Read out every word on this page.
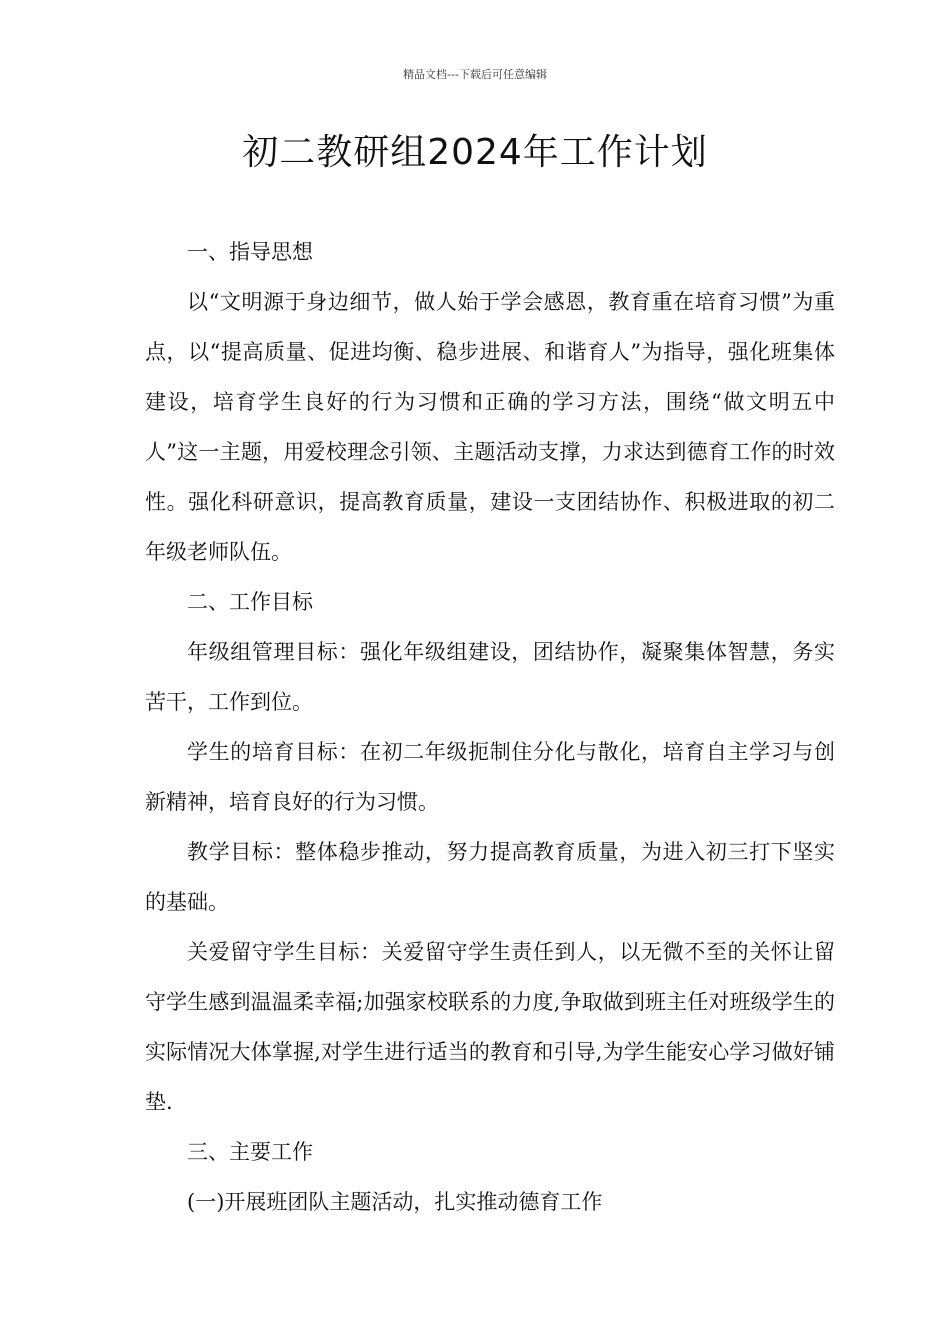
精品文档---下载后可任意编辑
初二教研组2024年工作计划

一、指导思想

以“文明源于身边细节，做人始于学会感恩，教育重在培育习惯”为重点，以“提高质量、促进均衡、稳步进展、和谐育人”为指导，强化班集体建设，培育学生良好的行为习惯和正确的学习方法，围绕“做文明五中人”这一主题，用爱校理念引领、主题活动支撑，力求达到德育工作的时效性。强化科研意识，提高教育质量，建设一支团结协作、积极进取的初二年级老师队伍。

二、工作目标

年级组管理目标：强化年级组建设，团结协作，凝聚集体智慧，务实苦干，工作到位。

学生的培育目标：在初二年级扼制住分化与散化，培育自主学习与创新精神，培育良好的行为习惯。

教学目标：整体稳步推动，努力提高教育质量，为进入初三打下坚实的基础。

关爱留守学生目标：关爱留守学生责任到人，以无微不至的关怀让留守学生感到温温柔幸福;加强家校联系的力度,争取做到班主任对班级学生的实际情况大体掌握,对学生进行适当的教育和引导,为学生能安心学习做好铺垫.

三、主要工作

(一)开展班团队主题活动，扎实推动德育工作
